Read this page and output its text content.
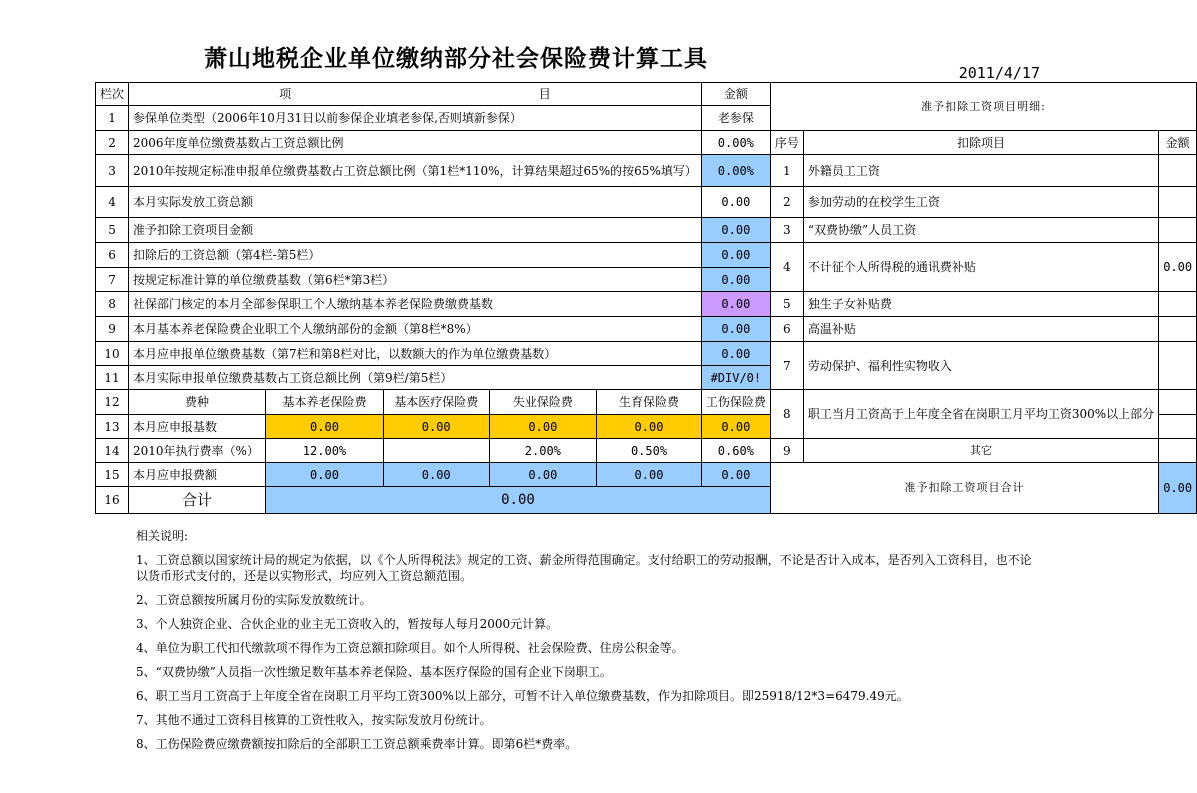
萧山地税企业单位缴纳部分社会保险费计算工具
2011/4/17
栏次	项 目					金额	准予扣除工资项目明细:		
1	参保单位类型（2006年10月31日以前参保企业填老参保,否则填新参保）					老参保			
2	2006年度单位缴费基数占工资总额比例					0.00%	序号	扣除项目	金额
3	2010年按规定标准申报单位缴费基数占工资总额比例（第1栏*110%，计算结果超过65%的按65%填写）					0.00%	1	外籍员工工资	
4	本月实际发放工资总额					0.00	2	参加劳动的在校学生工资	
5	准予扣除工资项目金额					0.00	3	“双费协缴”人员工资	
6	扣除后的工资总额（第4栏-第5栏）					0.00	4	不计征个人所得税的通讯费补贴	0.00
7	按规定标准计算的单位缴费基数（第6栏*第3栏）					0.00			
8	社保部门核定的本月全部参保职工个人缴纳基本养老保险费缴费基数					0.00	5	独生子女补贴费	
9	本月基本养老保险费企业职工个人缴纳部份的金额（第8栏*8%）					0.00	6	高温补贴	
10	本月应申报单位缴费基数（第7栏和第8栏对比，以数额大的作为单位缴费基数）					0.00	7	劳动保护、福利性实物收入	
11	本月实际申报单位缴费基数占工资总额比例（第9栏/第5栏）					#DIV/0!			
12	费种	基本养老保险费	基本医疗保险费	失业保险费	生育保险费	工伤保险费	8	职工当月工资高于上年度全省在岗职工月平均工资300%以上部分	
13	本月应申报基数	0.00	0.00	0.00	0.00	0.00			
14	2010年执行费率（%）	12.00%		2.00%	0.50%	0.60%	9	其它	
15	本月应申报费额	0.00	0.00	0.00	0.00	0.00	准予扣除工资项目合计		0.00
16	合计	0.00							

相关说明:

1、工资总额以国家统计局的规定为依据，以《个人所得税法》规定的工资、薪金所得范围确定。支付给职工的劳动报酬，不论是否计入成本，是否列入工资科目，也不论以货币形式支付的，还是以实物形式，均应列入工资总额范围。

2、工资总额按所属月份的实际发放数统计。

3、个人独资企业、合伙企业的业主无工资收入的，暂按每人每月2000元计算。

4、单位为职工代扣代缴款项不得作为工资总额扣除项目。如个人所得税、社会保险费、住房公积金等。

5、“双费协缴”人员指一次性缴足数年基本养老保险、基本医疗保险的国有企业下岗职工。

6、职工当月工资高于上年度全省在岗职工月平均工资300%以上部分，可暂不计入单位缴费基数，作为扣除项目。即25918/12*3=6479.49元。

7、其他不通过工资科目核算的工资性收入，按实际发放月份统计。

8、工伤保险费应缴费额按扣除后的全部职工工资总额乘费率计算。即第6栏*费率。
